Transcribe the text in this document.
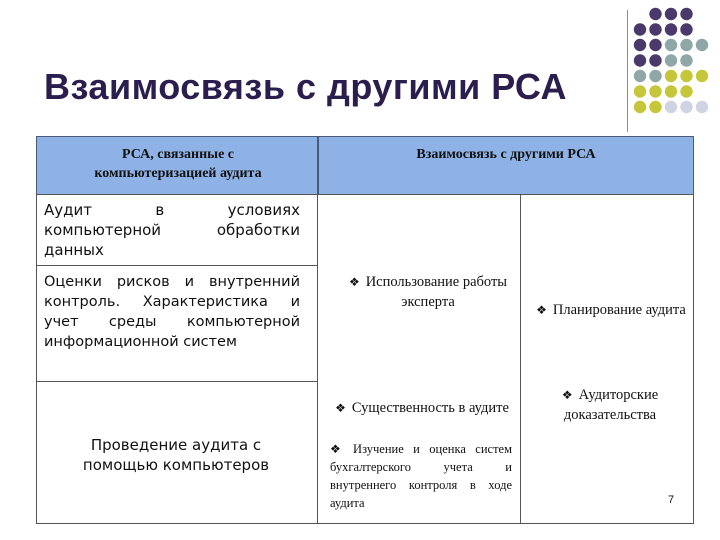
Взаимосвязь с другими РСА
РСА, связанные с компьютеризацией аудита
Взаимосвязь с другими РСА
Аудит в условиях компьютерной обработки данных
Оценки рисков и внутренний контроль. Характеристика и учет среды компьютерной информационной систем
Проведение аудита с помощью компьютеров
❖ Использование работы эксперта
❖ Существенность в аудите
❖ Изучение и оценка систем бухгалтерского учета и внутреннего контроля в ходе аудита
❖ Планирование аудита
❖ Аудиторские доказательства
7
